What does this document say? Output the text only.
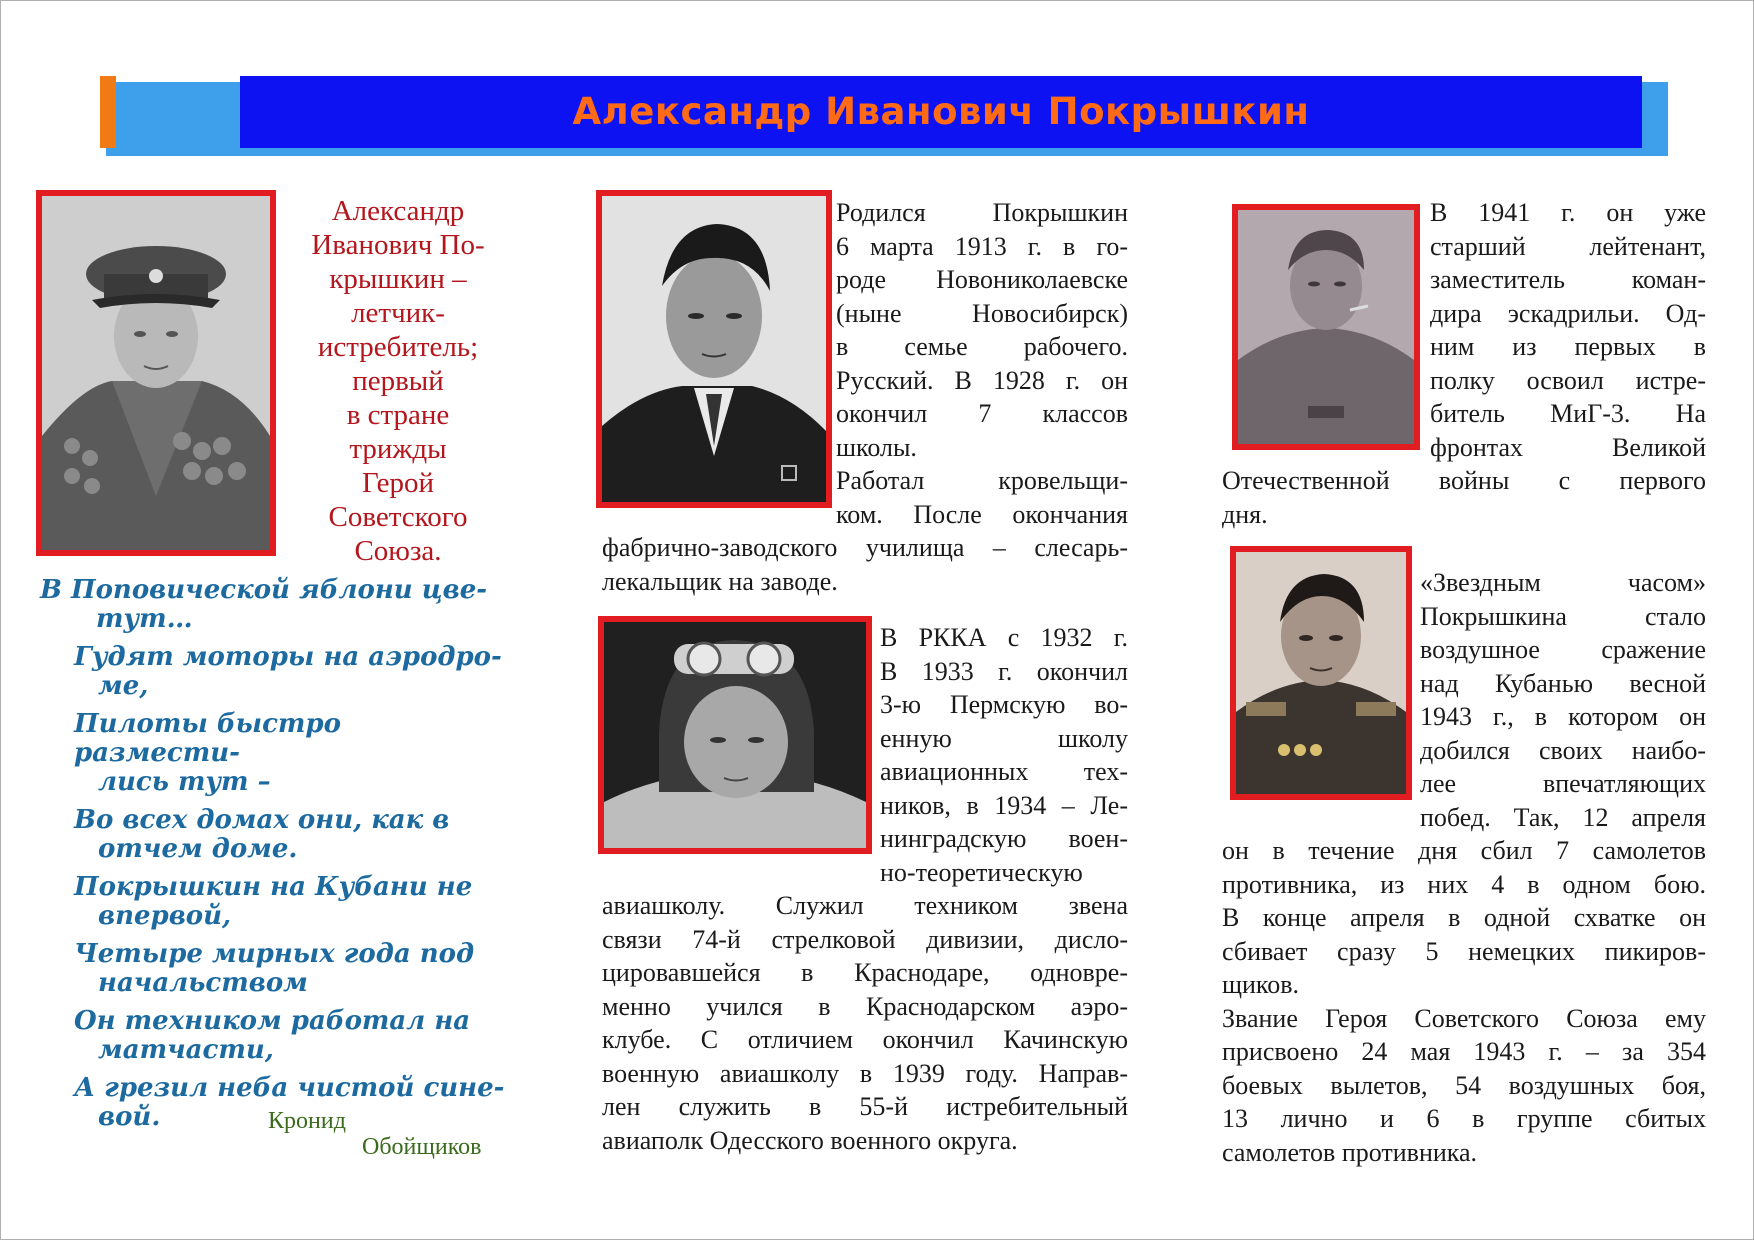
Александр Иванович Покрышкин
Александр
Иванович По-
крышкин –
летчик-
истребитель;
первый
в стране
трижды
Герой
Советского
Союза.
В Поповической яблони цве-
тут…
Гудят моторы на аэродро-
ме,
Пилоты быстро размести-
лись тут –
Во всех домах они, как в
отчем доме.
Покрышкин на Кубани не
впервой,
Четыре мирных года под
начальством
Он техником работал на
матчасти,
А грезил неба чистой сине-
вой.	Кронид
Обойщиков

Родился Покрышкин

6 марта 1913 г. в го-

роде Новониколаевске

(ныне Новосибирск)

в семье рабочего.

Русский. В 1928 г. он

окончил 7 классов

школы.

Работал кровельщи-

ком. После окончания

фабрично-заводского училища – слесарь-

лекальщик на заводе.

В РККА с 1932 г.

В 1933 г. окончил

3-ю Пермскую во-

енную школу

авиационных тех-

ников, в 1934 – Ле-

нинградскую воен-

но-теоретическую

авиашколу. Служил техником звена

связи 74-й стрелковой дивизии, дисло-

цировавшейся в Краснодаре, одновре-

менно учился в Краснодарском аэро-

клубе. С отличием окончил Качинскую

военную авиашколу в 1939 году. Направ-

лен служить в 55-й истребительный

авиаполк Одесского военного округа.

В 1941 г. он уже

старший лейтенант,

заместитель коман-

дира эскадрильи. Од-

ним из первых в

полку освоил истре-

битель МиГ-3. На

фронтах Великой

Отечественной войны с первого

дня.

«Звездным часом»

Покрышкина стало

воздушное сражение

над Кубанью весной

1943 г., в котором он

добился своих наибо-

лее впечатляющих

побед. Так, 12 апреля

он в течение дня сбил 7 самолетов

противника, из них 4 в одном бою.

В конце апреля в одной схватке он

сбивает сразу 5 немецких пикиров-

щиков.

Звание Героя Советского Союза ему

присвоено 24 мая 1943 г. – за 354

боевых вылетов, 54 воздушных боя,

13 лично и 6 в группе сбитых

самолетов противника.
